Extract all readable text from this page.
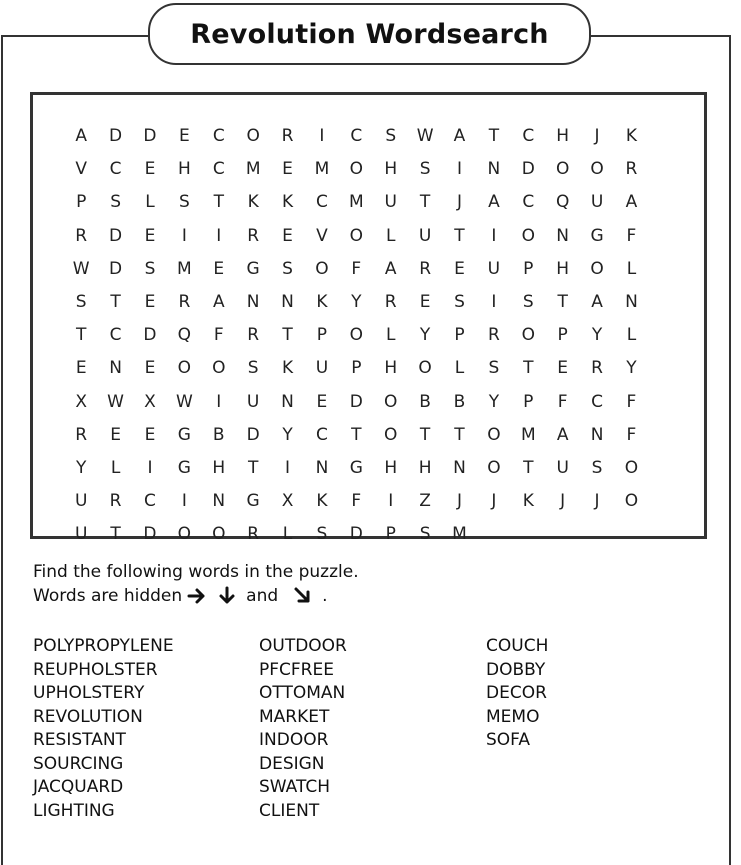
Revolution Wordsearch
A	D	D	E	C	O	R	I	C	S	W	A	T	C	H	J	K
V	C	E	H	C	M	E	M	O	H	S	I	N	D	O	O	R
P	S	L	S	T	K	K	C	M	U	T	J	A	C	Q	U	A
R	D	E	I	I	R	E	V	O	L	U	T	I	O	N	G	F
W	D	S	M	E	G	S	O	F	A	R	E	U	P	H	O	L
S	T	E	R	A	N	N	K	Y	R	E	S	I	S	T	A	N
T	C	D	Q	F	R	T	P	O	L	Y	P	R	O	P	Y	L
E	N	E	O	O	S	K	U	P	H	O	L	S	T	E	R	Y
X	W	X	W	I	U	N	E	D	O	B	B	Y	P	F	C	F
R	E	E	G	B	D	Y	C	T	O	T	T	O	M	A	N	F
Y	L	I	G	H	T	I	N	G	H	H	N	O	T	U	S	O
U	R	C	I	N	G	X	K	F	I	Z	J	J	K	J	J	O
U	T	D	O	O	R	L	S	D	P	S	M
Find the following words in the puzzle.
Words are hidden	and	.
POLYPROPYLENE
REUPHOLSTER
UPHOLSTERY
REVOLUTION
RESISTANT
SOURCING
JACQUARD
LIGHTING
OUTDOOR
PFCFREE
OTTOMAN
MARKET
INDOOR
DESIGN
SWATCH
CLIENT
COUCH
DOBBY
DECOR
MEMO
SOFA
